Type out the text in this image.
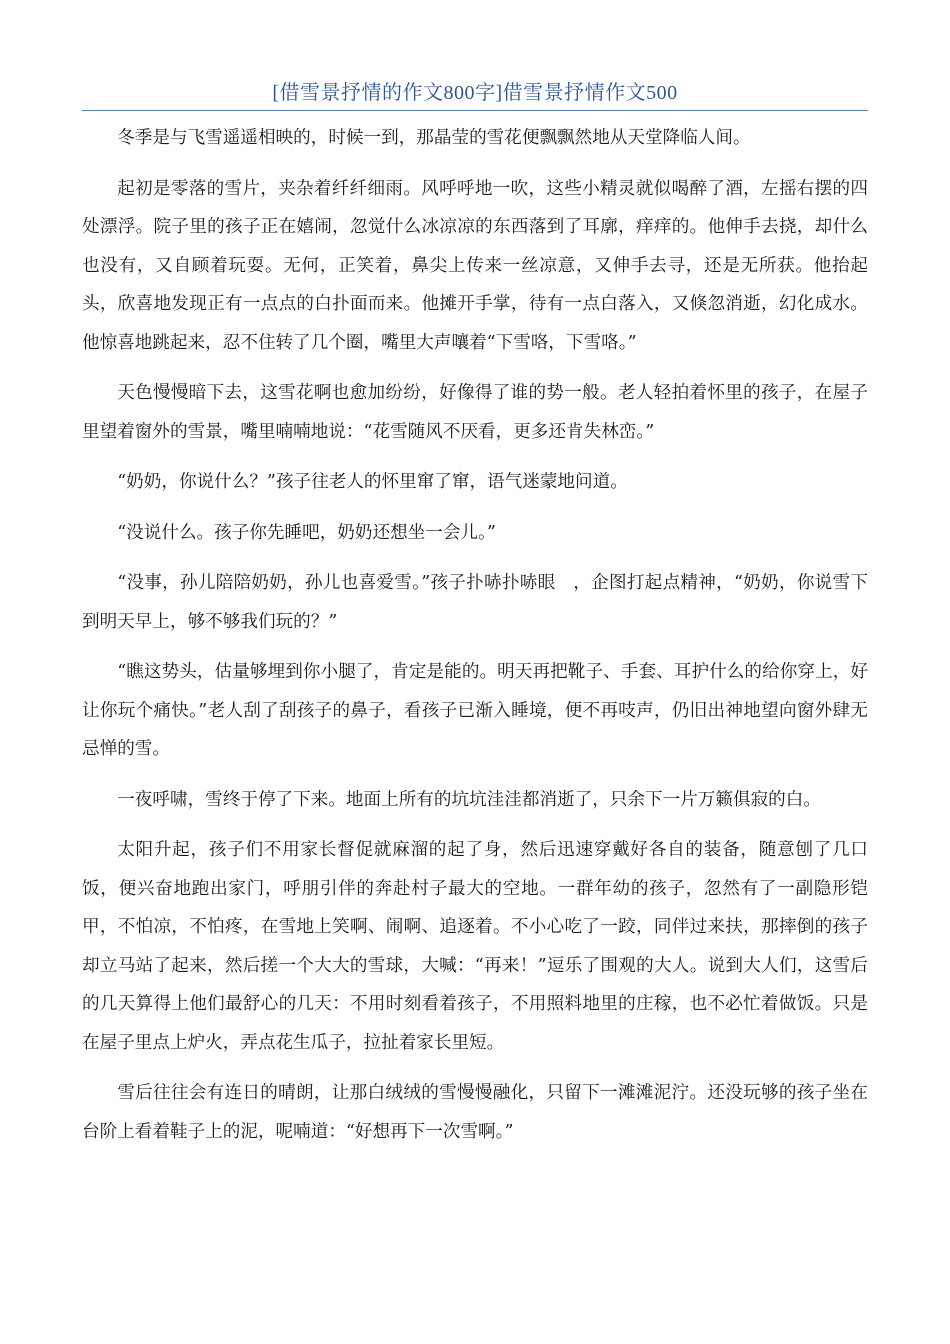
[借雪景抒情的作文800字]借雪景抒情作文500

冬季是与飞雪遥遥相映的，时候一到，那晶莹的雪花便飘飘然地从天堂降临人间。

起初是零落的雪片，夹杂着纤纤细雨。风呼呼地一吹，这些小精灵就似喝醉了酒，左摇右摆的四处漂浮。院子里的孩子正在嬉闹，忽觉什么冰凉凉的东西落到了耳廓，痒痒的。他伸手去挠，却什么也没有，又自顾着玩耍。无何，正笑着，鼻尖上传来一丝凉意，又伸手去寻，还是无所获。他抬起头，欣喜地发现正有一点点的白扑面而来。他摊开手掌，待有一点白落入，又倏忽消逝，幻化成水。他惊喜地跳起来，忍不住转了几个圈，嘴里大声嚷着“下雪咯，下雪咯。”

天色慢慢暗下去，这雪花啊也愈加纷纷，好像得了谁的势一般。老人轻拍着怀里的孩子，在屋子里望着窗外的雪景，嘴里喃喃地说：“花雪随风不厌看，更多还肯失林峦。”

“奶奶，你说什么？”孩子往老人的怀里窜了窜，语气迷蒙地问道。

“没说什么。孩子你先睡吧，奶奶还想坐一会儿。”

“没事，孙儿陪陪奶奶，孙儿也喜爱雪。”孩子扑哧扑哧眼　，企图打起点精神，“奶奶，你说雪下到明天早上，够不够我们玩的？”

“瞧这势头，估量够埋到你小腿了，肯定是能的。明天再把靴子、手套、耳护什么的给你穿上，好让你玩个痛快。”老人刮了刮孩子的鼻子，看孩子已渐入睡境，便不再吱声，仍旧出神地望向窗外肆无忌惮的雪。

一夜呼啸，雪终于停了下来。地面上所有的坑坑洼洼都消逝了，只余下一片万籁俱寂的白。

太阳升起，孩子们不用家长督促就麻溜的起了身，然后迅速穿戴好各自的装备，随意刨了几口饭，便兴奋地跑出家门，呼朋引伴的奔赴村子最大的空地。一群年幼的孩子，忽然有了一副隐形铠甲，不怕凉，不怕疼，在雪地上笑啊、闹啊、追逐着。不小心吃了一跤，同伴过来扶，那摔倒的孩子却立马站了起来，然后搓一个大大的雪球，大喊：“再来！”逗乐了围观的大人。说到大人们，这雪后的几天算得上他们最舒心的几天：不用时刻看着孩子，不用照料地里的庄稼，也不必忙着做饭。只是在屋子里点上炉火，弄点花生瓜子，拉扯着家长里短。

雪后往往会有连日的晴朗，让那白绒绒的雪慢慢融化，只留下一滩滩泥泞。还没玩够的孩子坐在台阶上看着鞋子上的泥，呢喃道：“好想再下一次雪啊。”
